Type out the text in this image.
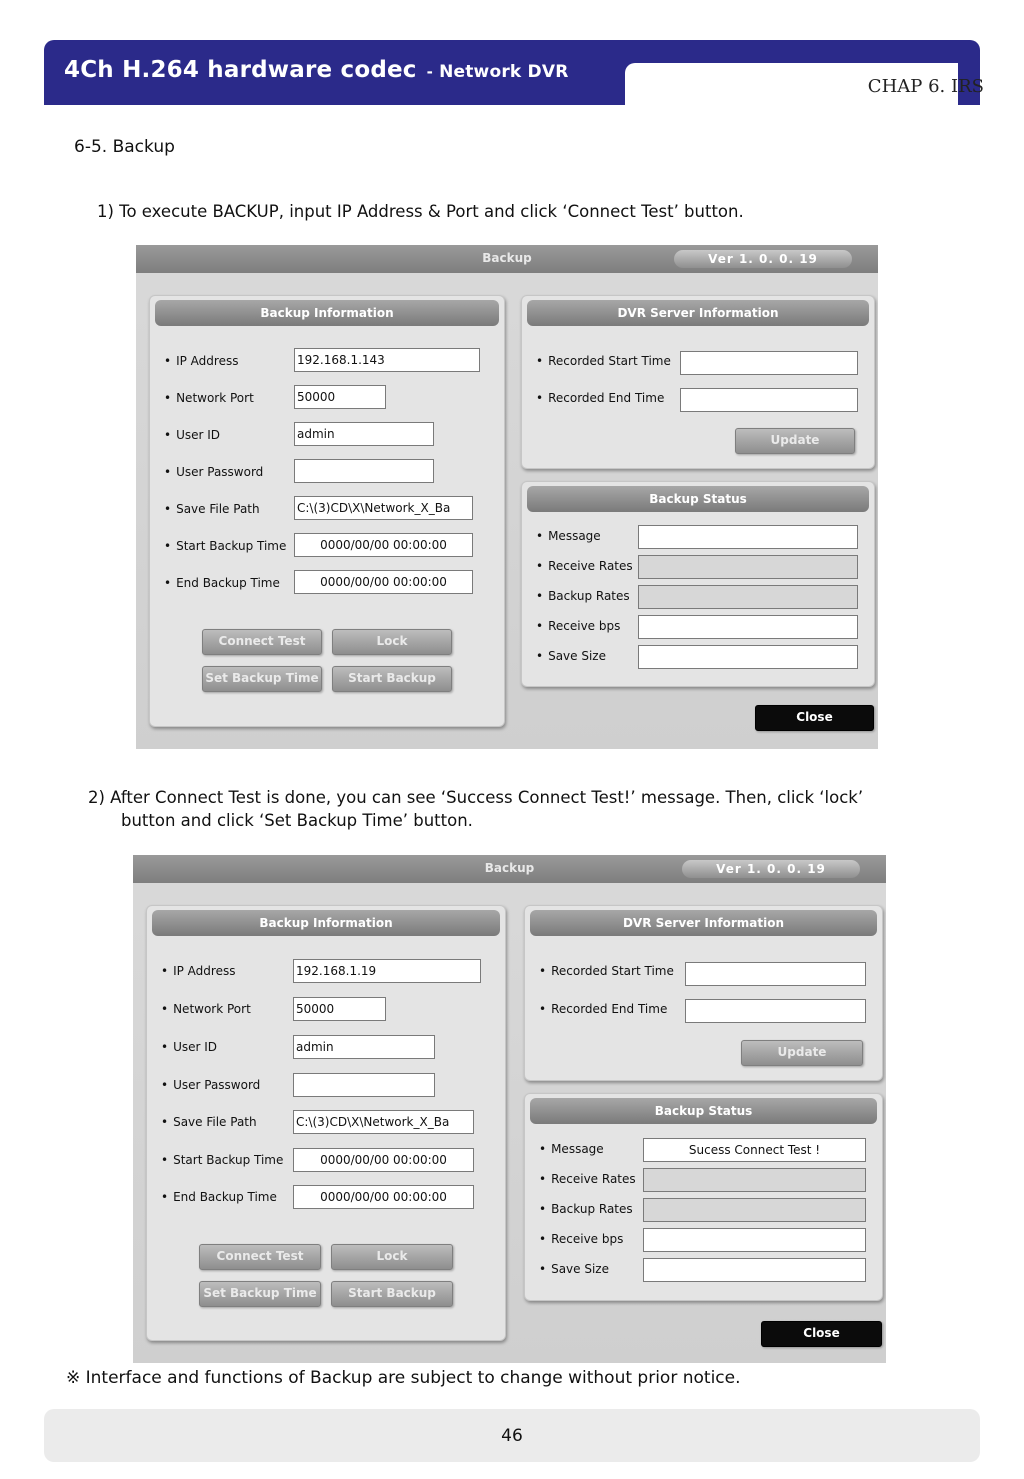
4Ch H.264 hardware codec - Network DVR
CHAP 6. IRS
6-5. Backup
1) To execute BACKUP, input IP Address & Port and click ‘Connect Test’ button.
Backup	Ver 1. 0. 0. 19
Backup Information
• IP Address	192.168.1.143
• Network Port	50000
• User ID	admin
• User Password
• Save File Path	C:\(3)CD\X\Network_X_Ba
• Start Backup Time	0000/00/00 00:00:00
• End Backup Time	0000/00/00 00:00:00
Connect Test	Lock
Set Backup Time	Start Backup
DVR Server Information
• Recorded Start Time
• Recorded End Time
Update
Backup Status
• Message
• Receive Rates
• Backup Rates
• Receive bps
• Save Size
Close
2) After Connect Test is done, you can see ‘Success Connect Test!’ message. Then, click ‘lock’
button and click ‘Set Backup Time’ button.
Backup	Ver 1. 0. 0. 19
Backup Information
• IP Address	192.168.1.19
• Network Port	50000
• User ID	admin
• User Password
• Save File Path	C:\(3)CD\X\Network_X_Ba
• Start Backup Time	0000/00/00 00:00:00
• End Backup Time	0000/00/00 00:00:00
Connect Test	Lock
Set Backup Time	Start Backup
DVR Server Information
• Recorded Start Time
• Recorded End Time
Update
Backup Status
• Message	Sucess Connect Test !
• Receive Rates
• Backup Rates
• Receive bps
• Save Size
Close
※ Interface and functions of Backup are subject to change without prior notice.
46
